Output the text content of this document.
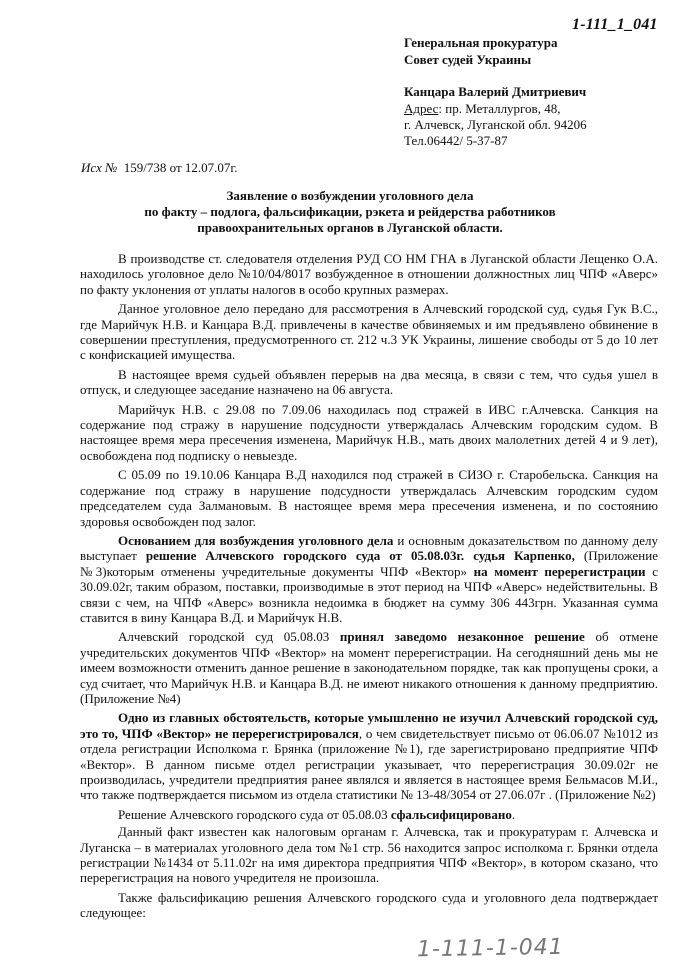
1-111_1_041
Генеральная прокуратура
Совет судей Украины
Канцара Валерий Дмитриевич
Адрес: пр. Металлургов, 48,
г. Алчевск, Луганской обл. 94206
Тел.06442/ 5-37-87
Исх №  159/738 от 12.07.07г.
Заявление о возбуждении уголовного дела
по факту – подлога, фальсификации, рэкета и рейдерства работников
правоохранительных органов в Луганской области.

В производстве ст. следователя отделения РУД СО НМ ГНА в Луганской области Лещенко О.А. находилось уголовное дело №10/04/8017 возбужденное в отношении должностных лиц ЧПФ «Аверс» по факту уклонения от уплаты налогов в особо крупных размерах.

Данное уголовное дело передано для рассмотрения в Алчевский городской суд, судья Гук В.С., где Марийчук Н.В. и Канцара В.Д. привлечены в качестве обвиняемых и им предъявлено обвинение в совершении преступления, предусмотренного ст. 212 ч.3 УК Украины, лишение свободы от 5 до 10 лет с конфискацией имущества.

В настоящее время судьей объявлен перерыв на два месяца, в связи с тем, что судья ушел в отпуск, и следующее заседание назначено на 06 августа.

Марийчук Н.В. с 29.08 по 7.09.06 находилась под стражей в ИВС г.Алчевска. Санкция на содержание под стражу в нарушение подсудности утверждалась Алчевским городским судом. В настоящее время мера пресечения изменена, Марийчук Н.В., мать двоих малолетних детей 4 и 9 лет), освобождена под подписку о невыезде.

С 05.09 по 19.10.06 Канцара В.Д находился под стражей в СИЗО г. Старобельска. Санкция на содержание под стражу в нарушение подсудности утверждалась Алчевским городским судом председателем суда Залмановым. В настоящее время мера пресечения изменена, и по состоянию здоровья освобожден под залог.

Основанием для возбуждения уголовного дела и основным доказательством по данному делу выступает решение Алчевского городского суда от 05.08.03г. судья Карпенко, (Приложение №3)которым отменены учредительные документы ЧПФ «Вектор» на момент перерегистрации с 30.09.02г, таким образом, поставки, производимые в этот период на ЧПФ «Аверс» недействительны. В связи с чем, на ЧПФ «Аверс» возникла недоимка в бюджет на сумму 306 443грн. Указанная сумма ставится в вину Канцара В.Д. и Марийчук Н.В.

Алчевский городской суд 05.08.03 принял заведомо незаконное решение об отмене учредительских документов ЧПФ «Вектор» на момент перерегистрации. На сегодняшний день мы не имеем возможности отменить данное решение в законодательном порядке, так как пропущены сроки, а суд считает, что Марийчук Н.В. и Канцара В.Д. не имеют никакого отношения к данному предприятию.(Приложение №4)

Одно из главных обстоятельств, которые умышленно не изучил Алчевский городской суд, это то, ЧПФ «Вектор» не перерегистрировался, о чем свидетельствует письмо от 06.06.07 №1012 из отдела регистрации Исполкома г. Брянка (приложение №1), где зарегистрировано предприятие ЧПФ «Вектор». В данном письме отдел регистрации указывает, что перерегистрация 30.09.02г не производилась, учредители предприятия ранее являлся и является в настоящее время Бельмасов М.И., что также подтверждается письмом из отдела статистики № 13-48/3054 от 27.06.07г . (Приложение №2)

Решение Алчевского городского суда от 05.08.03 сфальсифицировано.

Данный факт известен как налоговым органам г. Алчевска, так и прокуратурам г. Алчевска и Луганска – в материалах уголовного дела том №1 стр. 56 находится запрос исполкома г. Брянки отдела регистрации №1434 от 5.11.02г на имя директора предприятия ЧПФ «Вектор», в котором сказано, что перерегистрация на нового учредителя не произошла.

Также фальсификацию решения Алчевского городского суда и уголовного дела подтверждает следующее:

1-111-1-041
